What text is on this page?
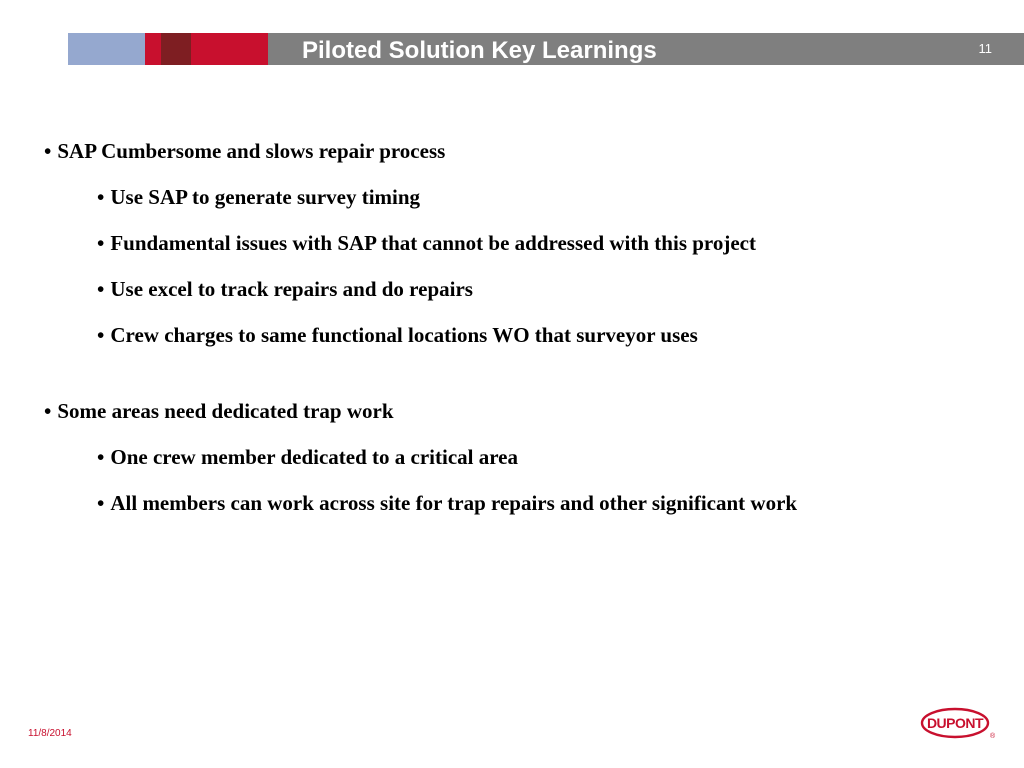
Piloted Solution Key Learnings	11
• SAP Cumbersome and slows repair process
• Use SAP to generate survey timing
• Fundamental issues with SAP that cannot be addressed with this project
• Use excel to track repairs and do repairs
• Crew charges to same functional locations WO that surveyor uses
• Some areas need dedicated trap work
• One crew member dedicated to a critical area
• All members can work across site for trap repairs and other significant work
11/8/2014
DUPONT
®
